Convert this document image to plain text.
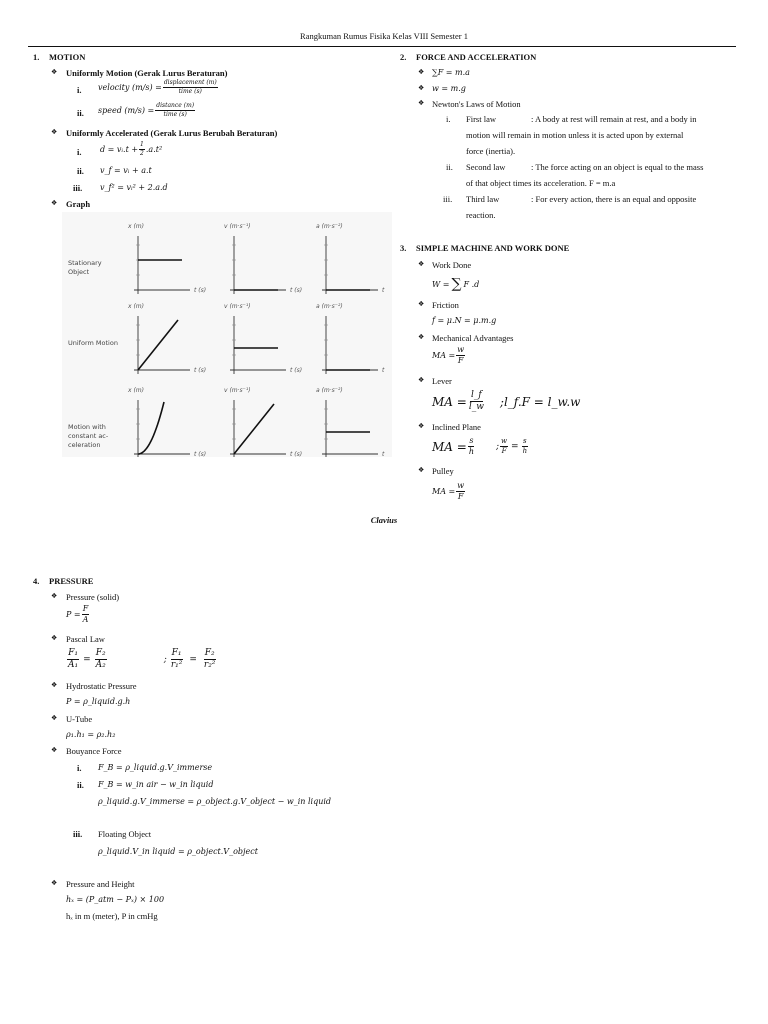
Rangkuman Rumus Fisika Kelas VIII Semester 1
1. MOTION
❖ Uniformly Motion (Gerak Lurus Beraturan)
i. velocity $(m/s) = \frac{\text{displacement (m)}}{\text{time (s)}}$
ii. speed $(m/s) = \frac{\text{distance (m)}}{\text{time (s)}}$
❖ Uniformly Accelerated (Gerak Lurus Berubah Beraturan)
i. d = vᵢ.t + $\frac{1}{2} .a.t^2$
ii. v_f = vᵢ + a.t
iii. v_f² = vᵢ² + 2.a.d
❖ Graph
Stationary
Object
x (m)
t (s)
v (m·s⁻¹)
t (s)
a (m·s⁻²)
t
Uniform Motion
x (m)
t (s)
v (m·s⁻¹)
t (s)
a (m·s⁻²)
t
Motion with
constant ac-
celeration
x (m)
t (s)
v (m·s⁻¹)
t (s)
a (m·s⁻²)
t
2. FORCE AND ACCELERATION
❖ ∑F = m.a
❖ w = m.g
❖ Newton's Laws of Motion
i. First law	: A body at rest will remain at rest, and a body in
motion will remain in motion unless it is acted upon by external
force (inertia).
ii. Second law	: The force acting on an object is equal to the mass
of that object times its acceleration. F = m.a
iii. Third law	: For every action, there is an equal and opposite
reaction.
3. SIMPLE MACHINE AND WORK DONE
❖ Work Done
W = ∑ F .d
❖ Friction
f = μ.N = μ.m.g
❖ Mechanical Advantages
MA = $\frac{w}{F}$
❖ Lever
MA = $\frac{l\_f}{l\_w}$ ;l_f.F = l_w.w
❖ Inclined Plane
MA = $\frac{s}{h}$ ; $\frac{w}{F} = \frac{s}{h}$
❖ Pulley
MA = $\frac{w}{F}$
Clavius
4. PRESSURE
❖ Pressure (solid)
$P = \frac{F}{A}$
❖ Pascal Law
$\frac{\text{F₁}}{\text{A₁}} = \frac{\text{F₂}}{\text{A₂}}$	; $\frac{\text{F₁}}{\text{r₁²}} = \frac{\text{F₂}}{\text{r₂²}}$
❖ Hydrostatic Pressure
P = ρ_liquid.g.h
❖ U-Tube
ρ₁.h₁ = ρ₂.h₂
❖ Bouyance Force
i. F_B = ρ_liquid.g.V_immerse
ii. F_B = w_in air − w_in liquid
ρ_liquid.g.V_immerse = ρ_object.g.V_object − w_in liquid
iii. Floating Object
ρ_liquid.V_in liquid = ρ_object.V_object
❖ Pressure and Height
hₓ = (P_atm − Pₓ) × 100
hₓ in m (meter), P in cmHg
